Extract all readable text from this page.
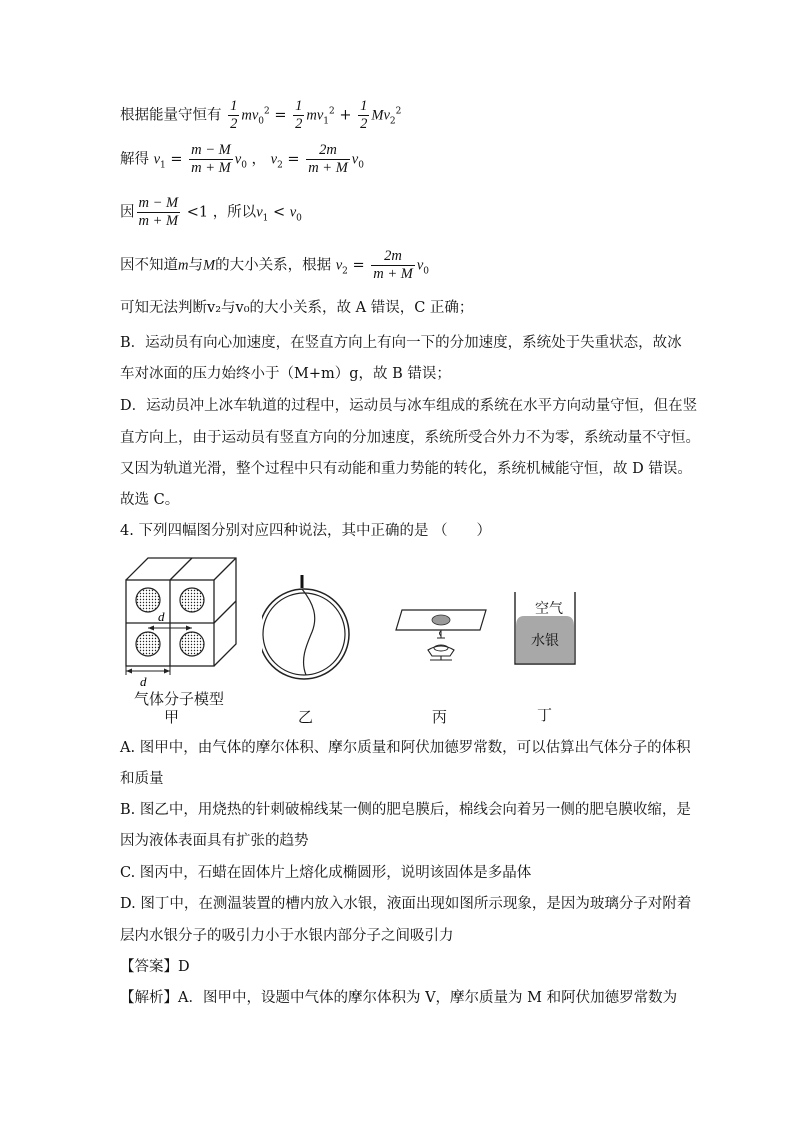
根据能量守恒有 $\frac{1}{2} mv_0^2 = \frac{1}{2} mv_1^2 + \frac{1}{2} Mv_2^2$
解得 $v_1 = \frac{m - M}{m + M} v_0$ ， $v_2 = \frac{2m}{m + M} v_0$
因 $\frac{m - M}{m + M} <1$ ，所以$v_1 < v_0$
因不知道m与M的大小关系，根据 $v_2 = \frac{2m}{m + M} v_0$
可知无法判断v₂与v₀的大小关系，故 A 错误，C 正确；
B．运动员有向心加速度，在竖直方向上有向一下的分加速度，系统处于失重状态，故冰
车对冰面的压力始终小于（M+m）g，故 B 错误；
D．运动员冲上冰车轨道的过程中，运动员与冰车组成的系统在水平方向动量守恒，但在竖
直方向上，由于运动员有竖直方向的分加速度，系统所受合外力不为零，系统动量不守恒。
又因为轨道光滑，整个过程中只有动能和重力势能的转化，系统机械能守恒，故 D 错误。
故选 C。
4. 下列四幅图分别对应四种说法，其中正确的是 （　　）
d
d
气体分子模型
甲	乙	丙
空气
水银
丁
A. 图甲中，由气体的摩尔体积、摩尔质量和阿伏加德罗常数，可以估算出气体分子的体积
和质量
B. 图乙中，用烧热的针刺破棉线某一侧的肥皂膜后，棉线会向着另一侧的肥皂膜收缩，是
因为液体表面具有扩张的趋势
C. 图丙中，石蜡在固体片上熔化成椭圆形，说明该固体是多晶体
D. 图丁中，在测温装置的槽内放入水银，液面出现如图所示现象，是因为玻璃分子对附着
层内水银分子的吸引力小于水银内部分子之间吸引力
【答案】D
【解析】A．图甲中，设题中气体的摩尔体积为 V，摩尔质量为 M 和阿伏加德罗常数为
